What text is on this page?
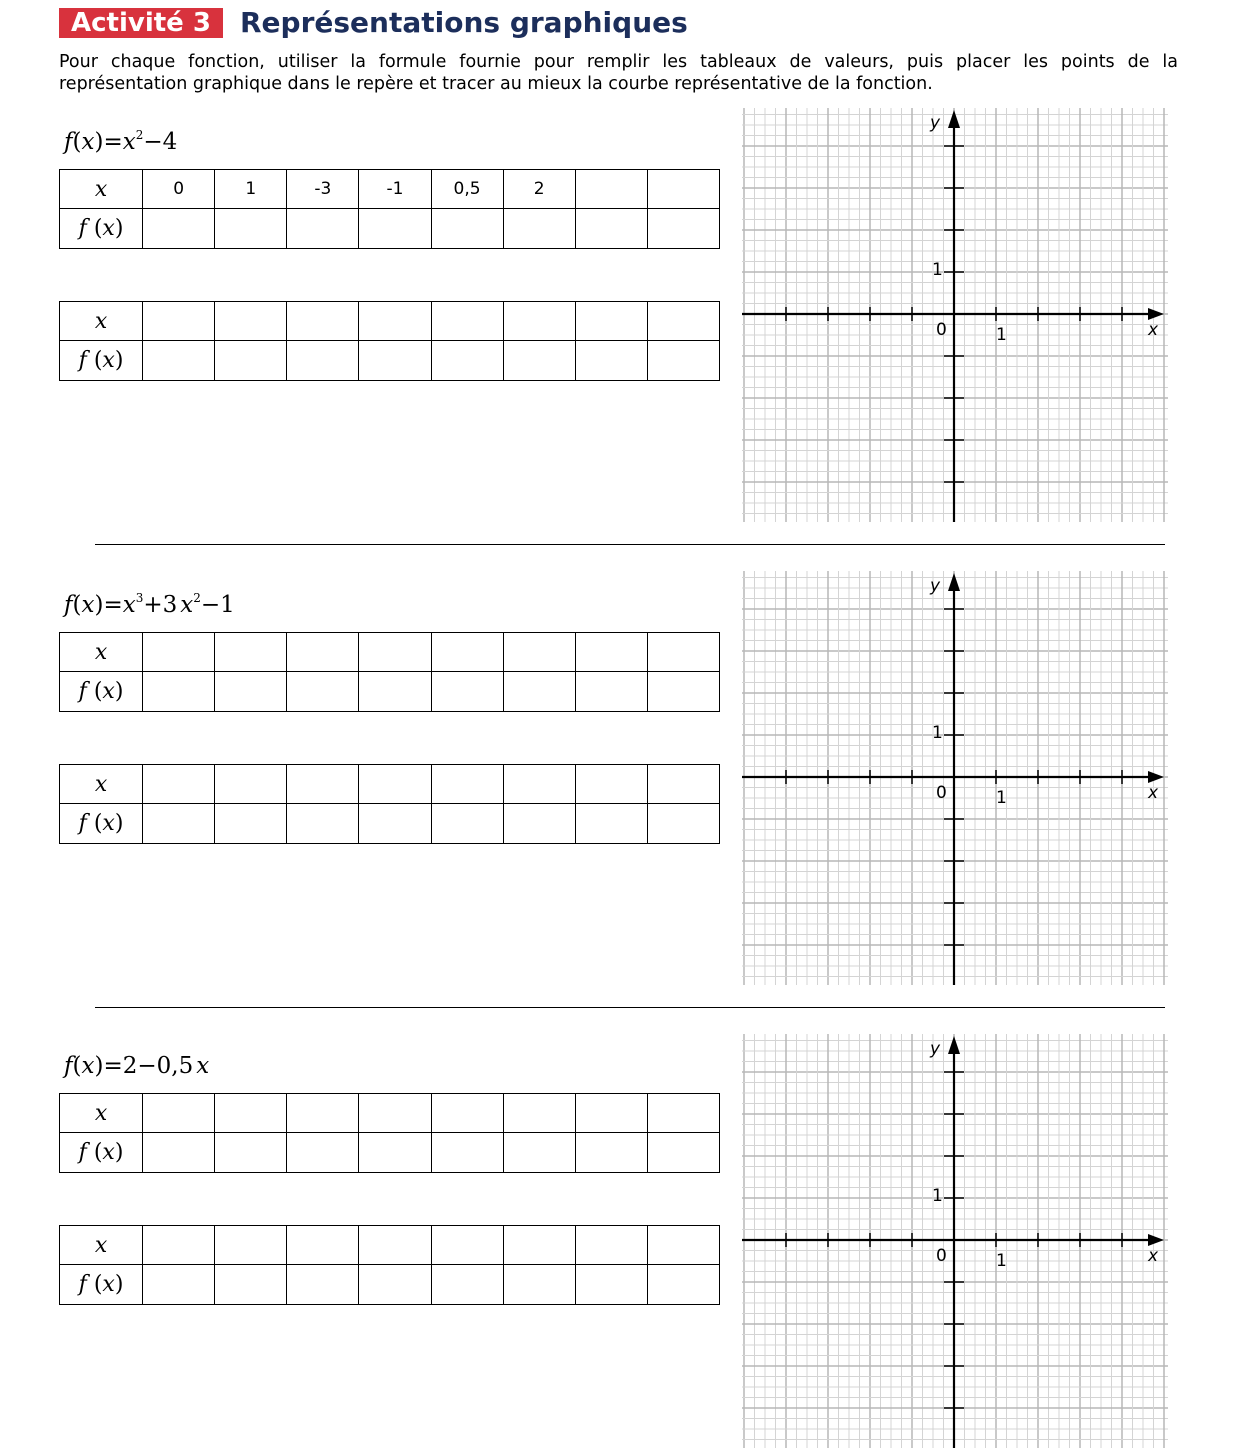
Activité 3	Représentations graphiques
Pour chaque fonction, utiliser la formule fournie pour remplir les tableaux de valeurs, puis placer les points de la représentation graphique dans le repère et tracer au mieux la courbe représentative de la fonction.
$f(x)=x^2-4$
x	0	1	-3	-1	0,5	2		
f (x)								
x								
f (x)								
x
y
0	1
1
$f(x)=x^3+3$ $x^2-1$
x								
f (x)								
x								
f (x)								
x
y
0	1
1
f(x)=2−0,5 x
x								
f (x)								
x								
f (x)								
x
y
0	1
1
